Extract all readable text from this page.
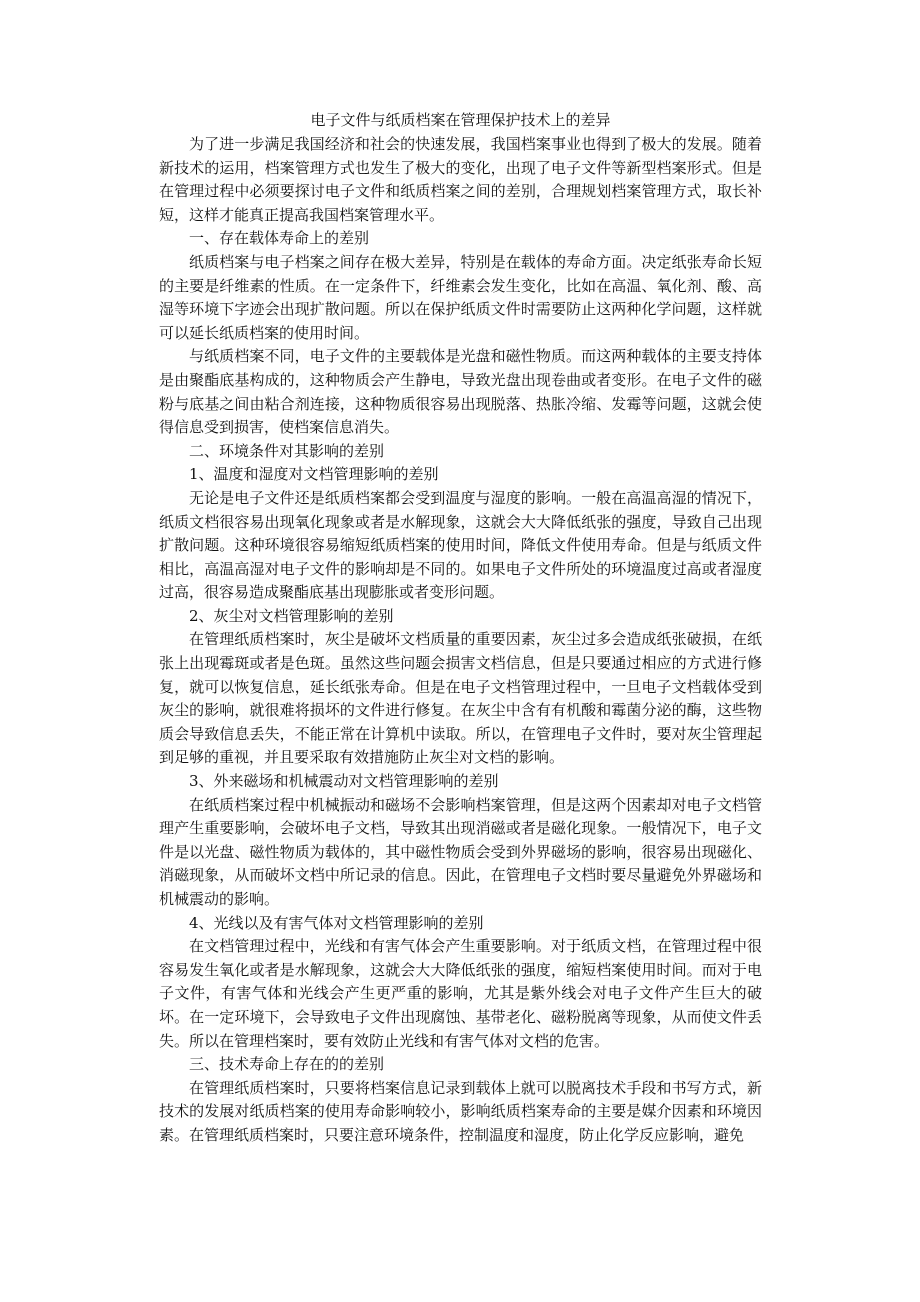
电子文件与纸质档案在管理保护技术上的差异

为了进一步满足我国经济和社会的快速发展，我国档案事业也得到了极大的发展。随着新技术的运用，档案管理方式也发生了极大的变化，出现了电子文件等新型档案形式。但是在管理过程中必须要探讨电子文件和纸质档案之间的差别，合理规划档案管理方式，取长补短，这样才能真正提高我国档案管理水平。

一、存在载体寿命上的差别

纸质档案与电子档案之间存在极大差异，特别是在载体的寿命方面。决定纸张寿命长短的主要是纤维素的性质。在一定条件下，纤维素会发生变化，比如在高温、氧化剂、酸、高湿等环境下字迹会出现扩散问题。所以在保护纸质文件时需要防止这两种化学问题，这样就可以延长纸质档案的使用时间。

与纸质档案不同，电子文件的主要载体是光盘和磁性物质。而这两种载体的主要支持体是由聚酯底基构成的，这种物质会产生静电，导致光盘出现卷曲或者变形。在电子文件的磁粉与底基之间由粘合剂连接，这种物质很容易出现脱落、热胀冷缩、发霉等问题，这就会使得信息受到损害，使档案信息消失。

二、环境条件对其影响的差别

1、温度和湿度对文档管理影响的差别

无论是电子文件还是纸质档案都会受到温度与湿度的影响。一般在高温高湿的情况下，纸质文档很容易出现氧化现象或者是水解现象，这就会大大降低纸张的强度，导致自己出现扩散问题。这种环境很容易缩短纸质档案的使用时间，降低文件使用寿命。但是与纸质文件相比，高温高湿对电子文件的影响却是不同的。如果电子文件所处的环境温度过高或者湿度过高，很容易造成聚酯底基出现膨胀或者变形问题。

2、灰尘对文档管理影响的差别

在管理纸质档案时，灰尘是破坏文档质量的重要因素，灰尘过多会造成纸张破损，在纸张上出现霉斑或者是色斑。虽然这些问题会损害文档信息，但是只要通过相应的方式进行修复，就可以恢复信息，延长纸张寿命。但是在电子文档管理过程中，一旦电子文档载体受到灰尘的影响，就很难将损坏的文件进行修复。在灰尘中含有有机酸和霉菌分泌的酶，这些物质会导致信息丢失，不能正常在计算机中读取。所以，在管理电子文件时，要对灰尘管理起到足够的重视，并且要采取有效措施防止灰尘对文档的影响。

3、外来磁场和机械震动对文档管理影响的差别

在纸质档案过程中机械振动和磁场不会影响档案管理，但是这两个因素却对电子文档管理产生重要影响，会破坏电子文档，导致其出现消磁或者是磁化现象。一般情况下，电子文件是以光盘、磁性物质为载体的，其中磁性物质会受到外界磁场的影响，很容易出现磁化、消磁现象，从而破坏文档中所记录的信息。因此，在管理电子文档时要尽量避免外界磁场和机械震动的影响。

4、光线以及有害气体对文档管理影响的差别

在文档管理过程中，光线和有害气体会产生重要影响。对于纸质文档，在管理过程中很容易发生氧化或者是水解现象，这就会大大降低纸张的强度，缩短档案使用时间。而对于电子文件，有害气体和光线会产生更严重的影响，尤其是紫外线会对电子文件产生巨大的破坏。在一定环境下，会导致电子文件出现腐蚀、基带老化、磁粉脱离等现象，从而使文件丢失。所以在管理档案时，要有效防止光线和有害气体对文档的危害。

三、技术寿命上存在的的差别

在管理纸质档案时，只要将档案信息记录到载体上就可以脱离技术手段和书写方式，新技术的发展对纸质档案的使用寿命影响较小，影响纸质档案寿命的主要是媒介因素和环境因素。在管理纸质档案时，只要注意环境条件，控制温度和湿度，防止化学反应影响，避免
